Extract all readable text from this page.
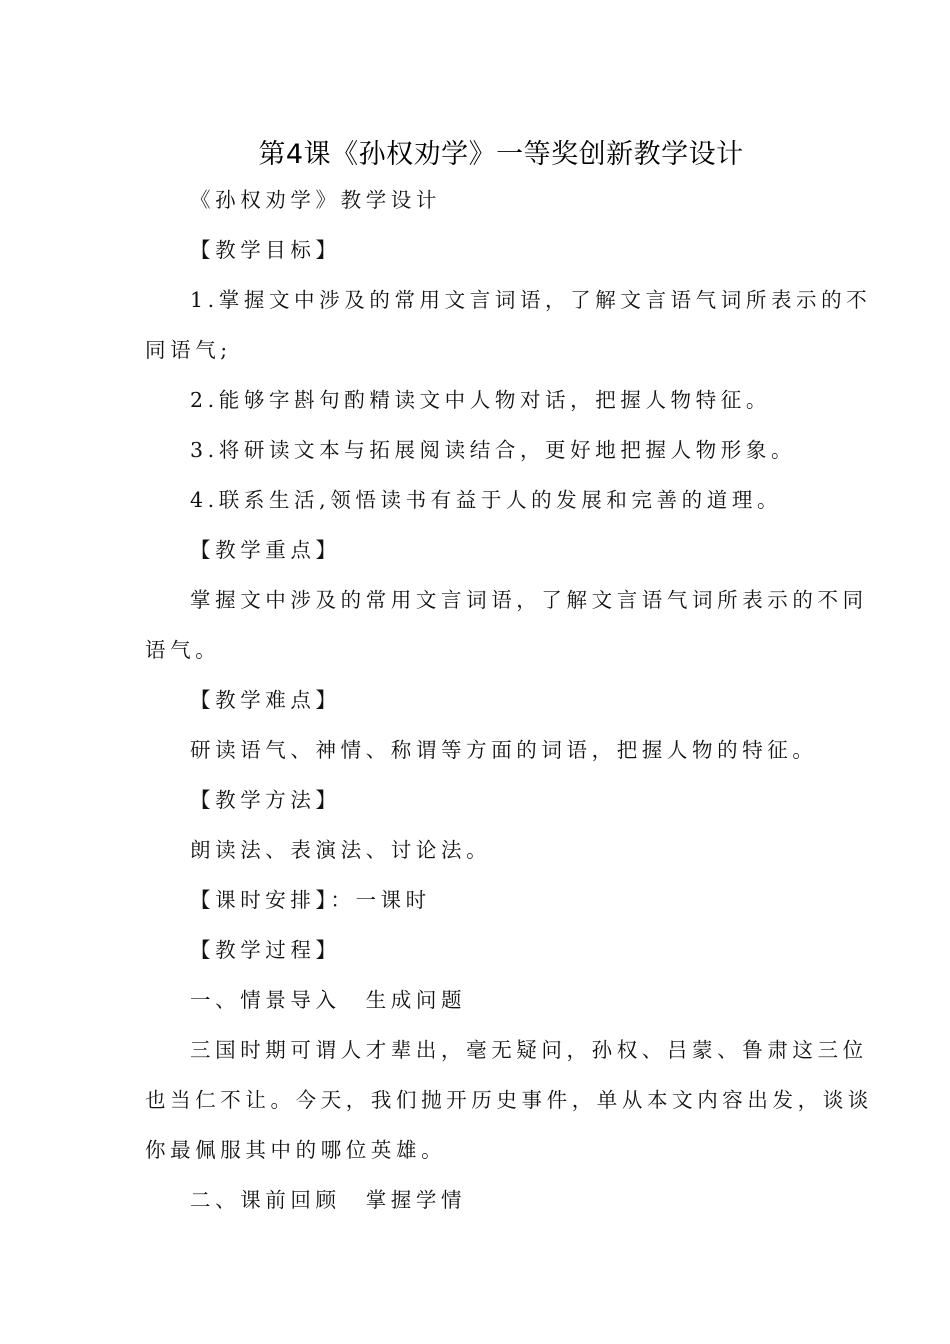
第4课《孙权劝学》一等奖创新教学设计
《孙权劝学》教学设计
【教学目标】
1.掌握文中涉及的常用文言词语，了解文言语气词所表示的不
同语气;
2.能够字斟句酌精读文中人物对话，把握人物特征。
3.将研读文本与拓展阅读结合，更好地把握人物形象。
4.联系生活,领悟读书有益于人的发展和完善的道理。
【教学重点】
掌握文中涉及的常用文言词语，了解文言语气词所表示的不同
语气。
【教学难点】
研读语气、神情、称谓等方面的词语，把握人物的特征。
【教学方法】
朗读法、表演法、讨论法。
【课时安排】：一课时
【教学过程】
一、情景导入　生成问题
三国时期可谓人才辈出，毫无疑问，孙权、吕蒙、鲁肃这三位
也当仁不让。今天，我们抛开历史事件，单从本文内容出发，谈谈
你最佩服其中的哪位英雄。
二、课前回顾　掌握学情
